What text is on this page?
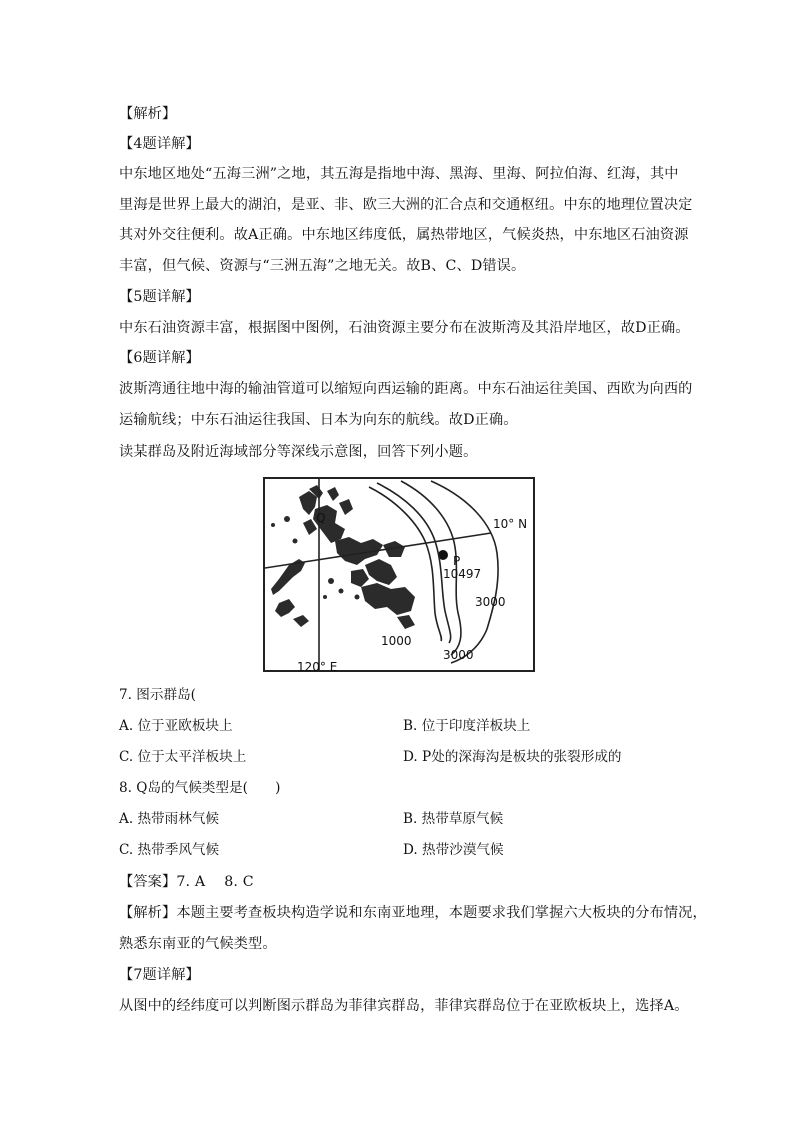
【解析】
【4题详解】
中东地区地处“五海三洲”之地，其五海是指地中海、黑海、里海、阿拉伯海、红海，其中
里海是世界上最大的湖泊，是亚、非、欧三大洲的汇合点和交通枢纽。中东的地理位置决定
其对外交往便利。故A正确。中东地区纬度低，属热带地区，气候炎热，中东地区石油资源
丰富，但气候、资源与“三洲五海”之地无关。故B、C、D错误。
【5题详解】
中东石油资源丰富，根据图中图例，石油资源主要分布在波斯湾及其沿岸地区，故D正确。
【6题详解】
波斯湾通往地中海的输油管道可以缩短向西运输的距离。中东石油运往美国、西欧为向西的
运输航线；中东石油运往我国、日本为向东的航线。故D正确。
读某群岛及附近海域部分等深线示意图，回答下列小题。
Q
P
10497
10° N
1000
3000
3000
120° E
7. 图示群岛(
A. 位于亚欧板块上	B. 位于印度洋板块上
C. 位于太平洋板块上	D. P处的深海沟是板块的张裂形成的
8. Q岛的气候类型是(　　)
A. 热带雨林气候	B. 热带草原气候
C. 热带季风气候	D. 热带沙漠气候
【答案】7. A　 8. C
【解析】本题主要考查板块构造学说和东南亚地理，本题要求我们掌握六大板块的分布情况，
熟悉东南亚的气候类型。
【7题详解】
从图中的经纬度可以判断图示群岛为菲律宾群岛，菲律宾群岛位于在亚欧板块上，选择A。
